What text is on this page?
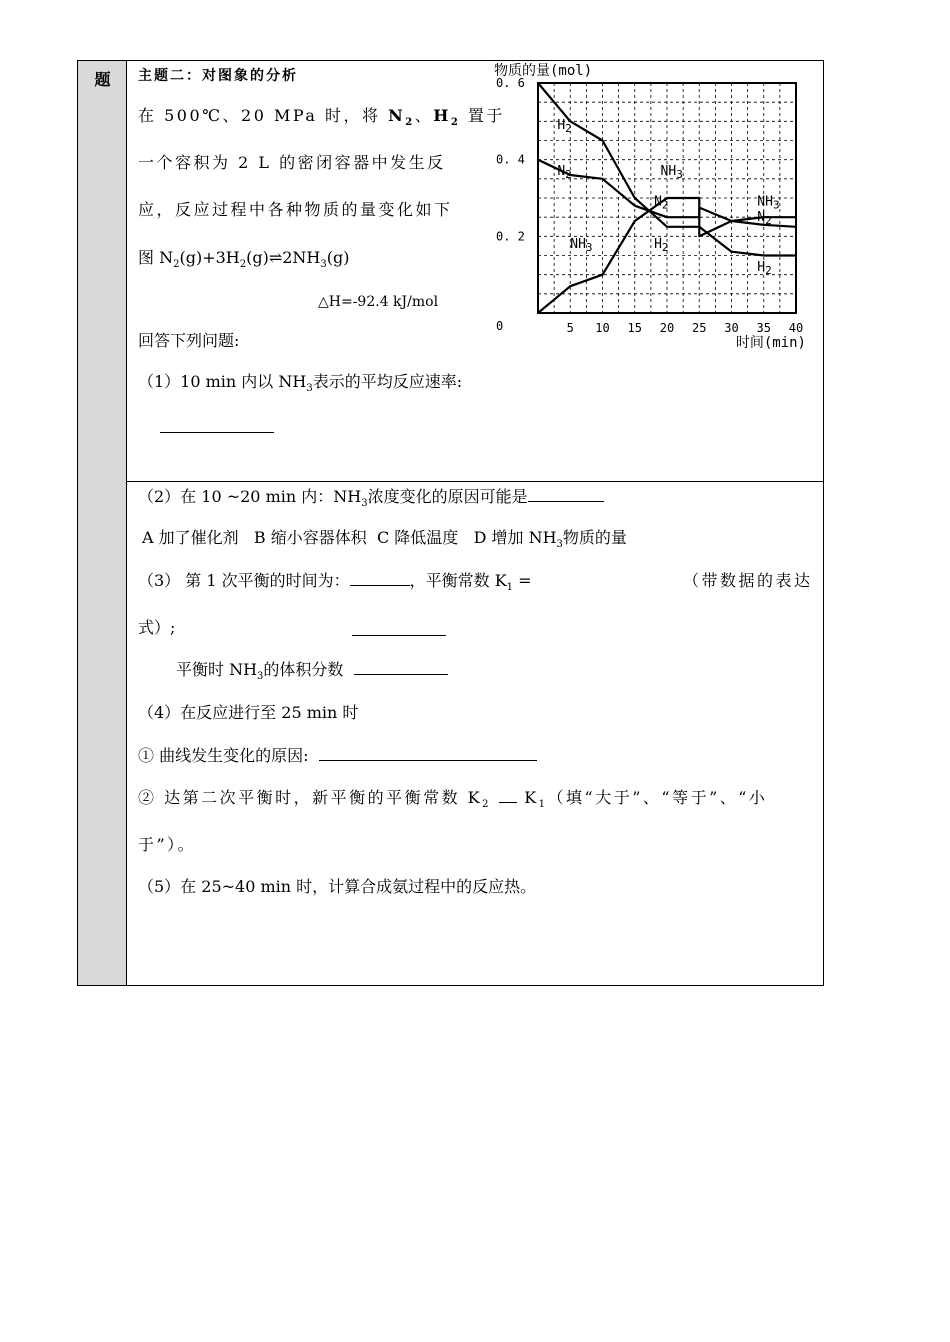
题	主题二：对图象的分析
在 500℃、20 MPa 时，将 $N_2$、$H_2$ 置于
一个容积为 2 L 的密闭容器中发生反
应，反应过程中各种物质的量变化如下
图 $N_2(g)+3H_2(g)\rightleftharpoons 2NH_3(g)$
△H=-92.4 kJ/mol
回答下列问题:
（1）10 min 内以 $NH_3$表示的平均反应速率:
（2）在 10 ~20 min 内：$NH_3$浓度变化的原因可能是
A 加了催化剂 B 缩小容器体积 C 降低温度 D 增加 $NH_3$物质的量
（3） 第 1 次平衡的时间为：	，平衡常数 $K_1$ =	（带数据的表达
式）;
平衡时 $NH_3$的体积分数
（4）在反应进行至 25 min 时
① 曲线发生变化的原因:
② 达第二次平衡时，新平衡的平衡常数 $K_2$ $K_1$（填“大于”、“等于”、“小
于”）。
（5）在 25~40 min 时，计算合成氨过程中的反应热。
物质的量(mol)
0
0. 2
0. 4
0. 6
5 10 15 20 25 30 35 40
时间(min)
$H_2$
$N_2$
$NH_3$
$NH_3$
$N_2$
$H_2$
$NH_3$
$N_2$
$H_2$
